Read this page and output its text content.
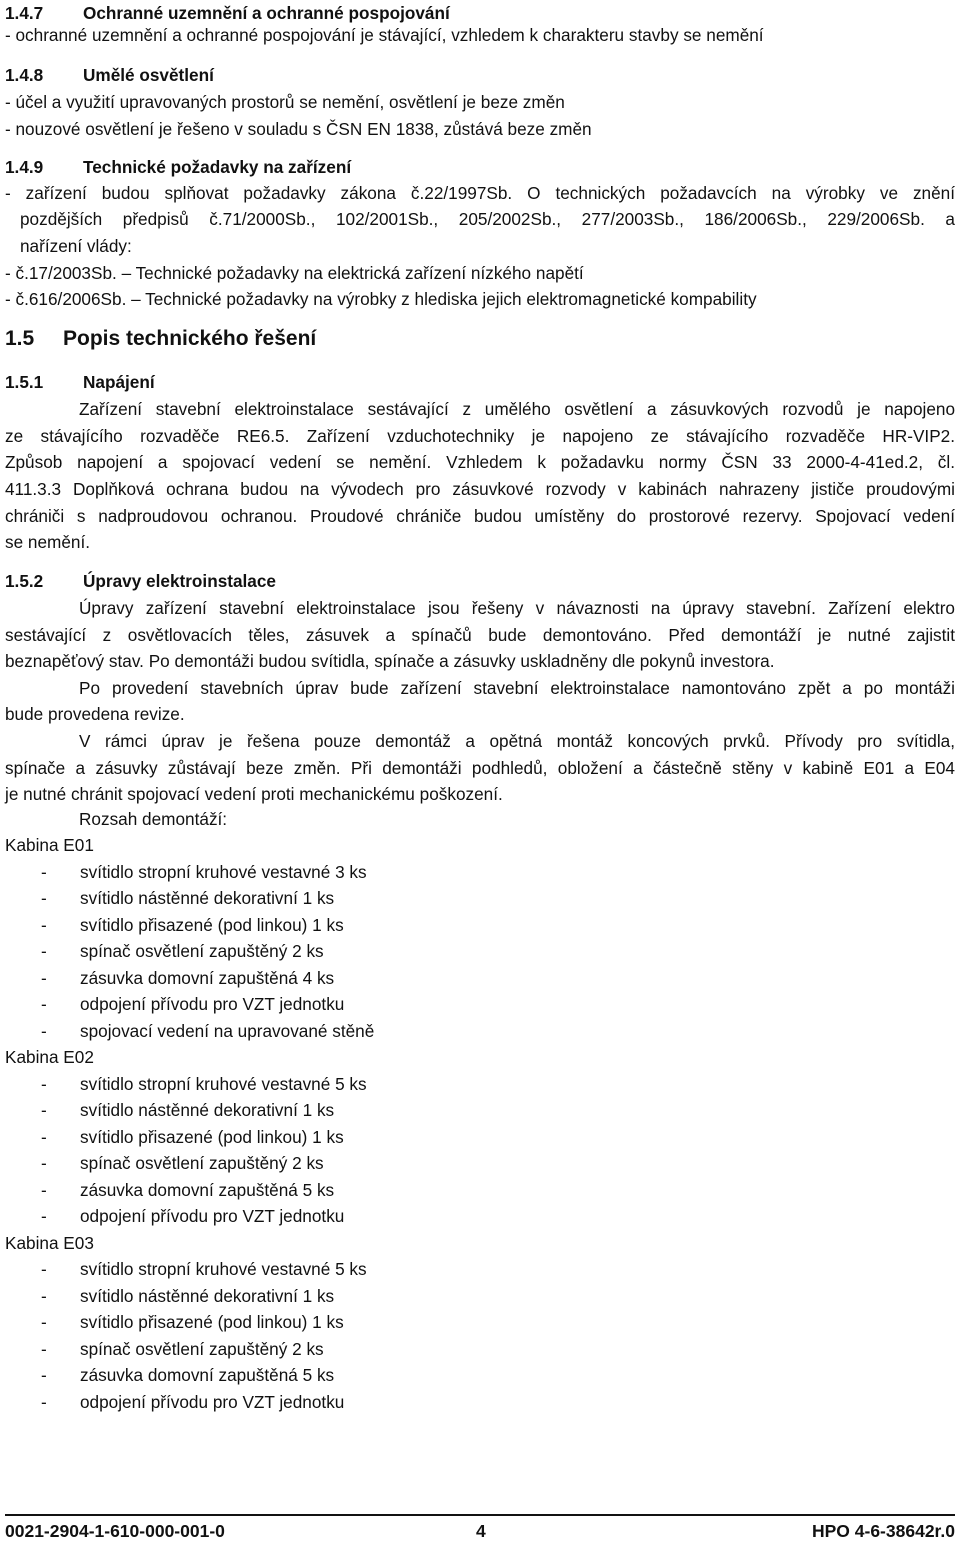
1.4.7 Ochranné uzemnění a ochranné pospojování
- ochranné uzemnění a ochranné pospojování je stávající, vzhledem k charakteru stavby se nemění
1.4.8 Umělé osvětlení
- účel a využití upravovaných prostorů se nemění, osvětlení je beze změn
- nouzové osvětlení je řešeno v souladu s ČSN EN 1838, zůstává beze změn
1.4.9 Technické požadavky na zařízení
- zařízení budou splňovat požadavky zákona č.22/1997Sb. O technických požadavcích na výrobky ve znění
pozdějších předpisů č.71/2000Sb., 102/2001Sb., 205/2002Sb., 277/2003Sb., 186/2006Sb., 229/2006Sb. a
nařízení vlády:
- č.17/2003Sb. – Technické požadavky na elektrická zařízení nízkého napětí
- č.616/2006Sb. – Technické požadavky na výrobky z hlediska jejich elektromagnetické kompability
1.5 Popis technického řešení
1.5.1 Napájení
Zařízení stavební elektroinstalace sestávající z umělého osvětlení a zásuvkových rozvodů je napojeno
ze stávajícího rozvaděče RE6.5. Zařízení vzduchotechniky je napojeno ze stávajícího rozvaděče HR-VIP2.
Způsob napojení a spojovací vedení se nemění. Vzhledem k požadavku normy ČSN 33 2000-4-41ed.2, čl.
411.3.3 Doplňková ochrana budou na vývodech pro zásuvkové rozvody v kabinách nahrazeny jističe proudovými
chrániči s nadproudovou ochranou. Proudové chrániče budou umístěny do prostorové rezervy. Spojovací vedení
se nemění.
1.5.2 Úpravy elektroinstalace
Úpravy zařízení stavební elektroinstalace jsou řešeny v návaznosti na úpravy stavební. Zařízení elektro
sestávající z osvětlovacích těles, zásuvek a spínačů bude demontováno. Před demontáží je nutné zajistit
beznapěťový stav. Po demontáži budou svítidla, spínače a zásuvky uskladněny dle pokynů investora.
Po provedení stavebních úprav bude zařízení stavební elektroinstalace namontováno zpět a po montáži
bude provedena revize.
V rámci úprav je řešena pouze demontáž a opětná montáž koncových prvků. Přívody pro svítidla,
spínače a zásuvky zůstávají beze změn. Při demontáži podhledů, obložení a částečně stěny v kabině E01 a E04
je nutné chránit spojovací vedení proti mechanickému poškození.
Rozsah demontáží:
Kabina E01
- svítidlo stropní kruhové vestavné 3 ks
- svítidlo nástěnné dekorativní 1 ks
- svítidlo přisazené (pod linkou) 1 ks
- spínač osvětlení zapuštěný 2 ks
- zásuvka domovní zapuštěná 4 ks
- odpojení přívodu pro VZT jednotku
- spojovací vedení na upravované stěně
Kabina E02
- svítidlo stropní kruhové vestavné 5 ks
- svítidlo nástěnné dekorativní 1 ks
- svítidlo přisazené (pod linkou) 1 ks
- spínač osvětlení zapuštěný 2 ks
- zásuvka domovní zapuštěná 5 ks
- odpojení přívodu pro VZT jednotku
Kabina E03
- svítidlo stropní kruhové vestavné 5 ks
- svítidlo nástěnné dekorativní 1 ks
- svítidlo přisazené (pod linkou) 1 ks
- spínač osvětlení zapuštěný 2 ks
- zásuvka domovní zapuštěná 5 ks
- odpojení přívodu pro VZT jednotku
0021-2904-1-610-000-001-0	4	HPO 4-6-38642r.0
